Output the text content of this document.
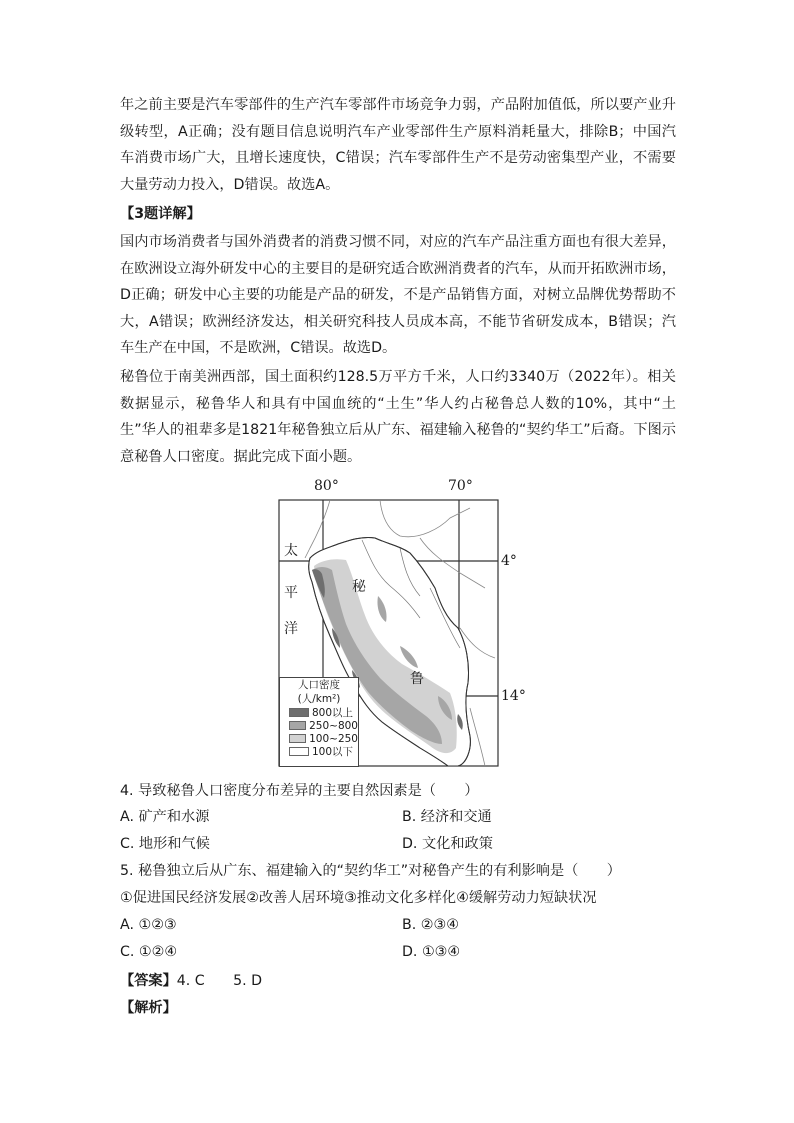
年之前主要是汽车零部件的生产汽车零部件市场竞争力弱，产品附加值低，所以要产业升级转型，A正确；没有题目信息说明汽车产业零部件生产原料消耗量大，排除B；中国汽车消费市场广大，且增长速度快，C错误；汽车零部件生产不是劳动密集型产业，不需要大量劳动力投入，D错误。故选A。

【3题详解】

国内市场消费者与国外消费者的消费习惯不同，对应的汽车产品注重方面也有很大差异，在欧洲设立海外研发中心的主要目的是研究适合欧洲消费者的汽车，从而开拓欧洲市场，D正确；研发中心主要的功能是产品的研发，不是产品销售方面，对树立品牌优势帮助不大，A错误；欧洲经济发达，相关研究科技人员成本高，不能节省研发成本，B错误；汽车生产在中国，不是欧洲，C错误。故选D。

秘鲁位于南美洲西部，国土面积约128.5万平方千米，人口约3340万（2022年）。相关数据显示，秘鲁华人和具有中国血统的“土生”华人约占秘鲁总人数的10%，其中“土生”华人的祖辈多是1821年秘鲁独立后从广东、福建输入秘鲁的“契约华工”后裔。下图示意秘鲁人口密度。据此完成下面小题。

80°	70°
4°
14°
太
平
洋
秘
鲁
人口密度
(人/km²)
800以上
250~800
100~250
100以下
4. 导致秘鲁人口密度分布差异的主要自然因素是（　　）
A. 矿产和水源	B. 经济和交通
C. 地形和气候	D. 文化和政策
5. 秘鲁独立后从广东、福建输入的“契约华工”对秘鲁产生的有利影响是（　　）
①促进国民经济发展②改善人居环境③推动文化多样化④缓解劳动力短缺状况
A. ①②③	B. ②③④
C. ①②④	D. ①③④
【答案】4. C　　5. D
【解析】
